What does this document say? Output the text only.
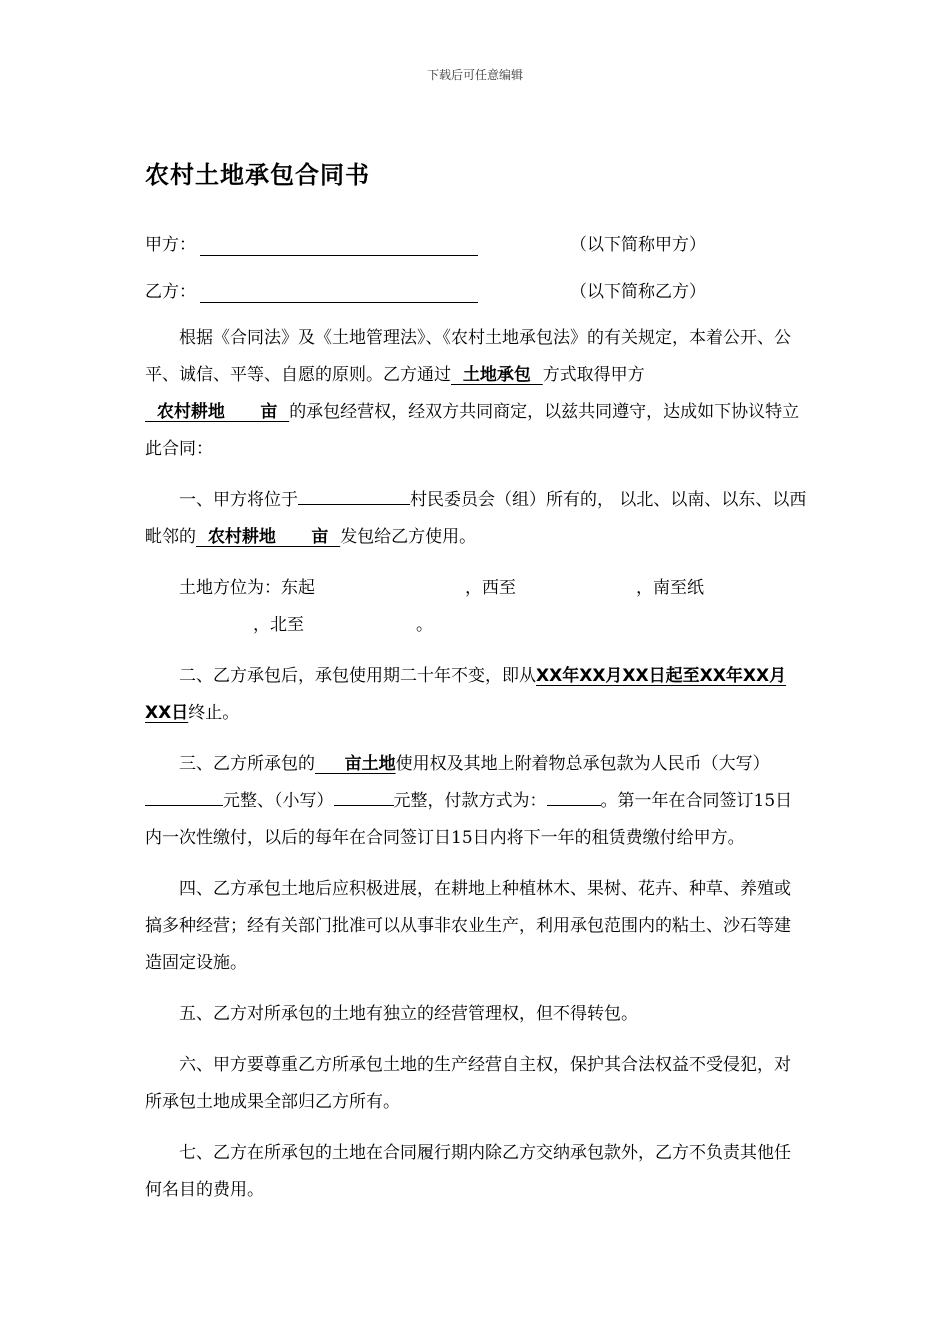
下载后可任意编辑
农村土地承包合同书
甲方：	（以下简称甲方）
乙方：	（以下简称乙方）

根据《合同法》及《土地管理法》、《农村土地承包法》的有关规定，本着公开、公平、诚信、平等、自愿的原则。乙方通过  土地承包  方式取得甲方   农村耕地      亩  的承包经营权，经双方共同商定，以兹共同遵守，达成如下协议特立此合同：

一、甲方将位于	村民委员会（组）所有的， 以北、以南、以东、以西毗邻的  农村耕地      亩  发包给乙方使用。

土地方位为：东起	，西至	，南至纸，北至	。

二、乙方承包后，承包使用期二十年不变，即从XX年XX月XX日起至XX年XX月XX日终止。

三、乙方所承包的     亩土地使用权及其地上附着物总承包款为人民币（大写）元整、（小写）	元整，付款方式为：	。第一年在合同签订15日内一次性缴付，以后的每年在合同签订日15日内将下一年的租赁费缴付给甲方。

四、乙方承包土地后应积极进展，在耕地上种植林木、果树、花卉、种草、养殖或搞多种经营；经有关部门批准可以从事非农业生产，利用承包范围内的粘土、沙石等建造固定设施。

五、乙方对所承包的土地有独立的经营管理权，但不得转包。

六、甲方要尊重乙方所承包土地的生产经营自主权，保护其合法权益不受侵犯，对所承包土地成果全部归乙方所有。

七、乙方在所承包的土地在合同履行期内除乙方交纳承包款外，乙方不负责其他任何名目的费用。
